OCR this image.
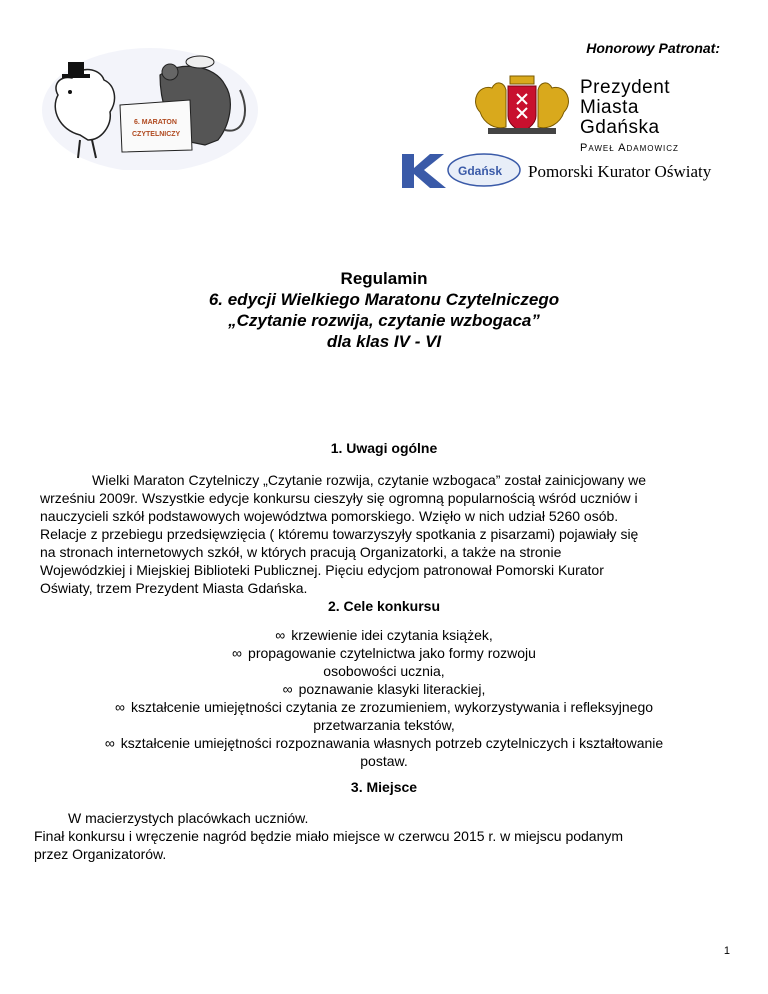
Honorowy Patronat:
6. MARATON
CZYTELNICZY
Prezydent
Miasta Gdańska
Paweł Adamowicz
Gdańsk Pomorski Kurator Oświaty
Regulamin
6. edycji Wielkiego Maratonu Czytelniczego
„Czytanie rozwija, czytanie wzbogaca”
dla klas IV - VI
1. Uwagi ogólne
Wielki Maraton Czytelniczy „Czytanie rozwija, czytanie wzbogaca” został zainicjowany we
wrześniu 2009r. Wszystkie edycje konkursu cieszyły się ogromną popularnością wśród uczniów i
nauczycieli szkół podstawowych województwa pomorskiego. Wzięło w nich udział 5260 osób.
Relacje z przebiegu przedsięwzięcia ( któremu towarzyszyły spotkania z pisarzami) pojawiały się
na stronach internetowych szkół, w których pracują Organizatorki, a także na stronie
Wojewódzkiej i Miejskiej Biblioteki Publicznej. Pięciu edycjom patronował Pomorski Kurator
Oświaty, trzem Prezydent Miasta Gdańska.
2. Cele konkursu
∞ krzewienie idei czytania książek,
∞ propagowanie czytelnictwa jako formy rozwoju
osobowości ucznia,
∞ poznawanie klasyki literackiej,
∞ kształcenie umiejętności czytania ze zrozumieniem, wykorzystywania i refleksyjnego
przetwarzania tekstów,
∞ kształcenie umiejętności rozpoznawania własnych potrzeb czytelniczych i kształtowanie
postaw.
3. Miejsce
W macierzystych placówkach uczniów.
Finał konkursu i wręczenie nagród będzie miało miejsce w czerwcu 2015 r. w miejscu podanym
przez Organizatorów.
1
